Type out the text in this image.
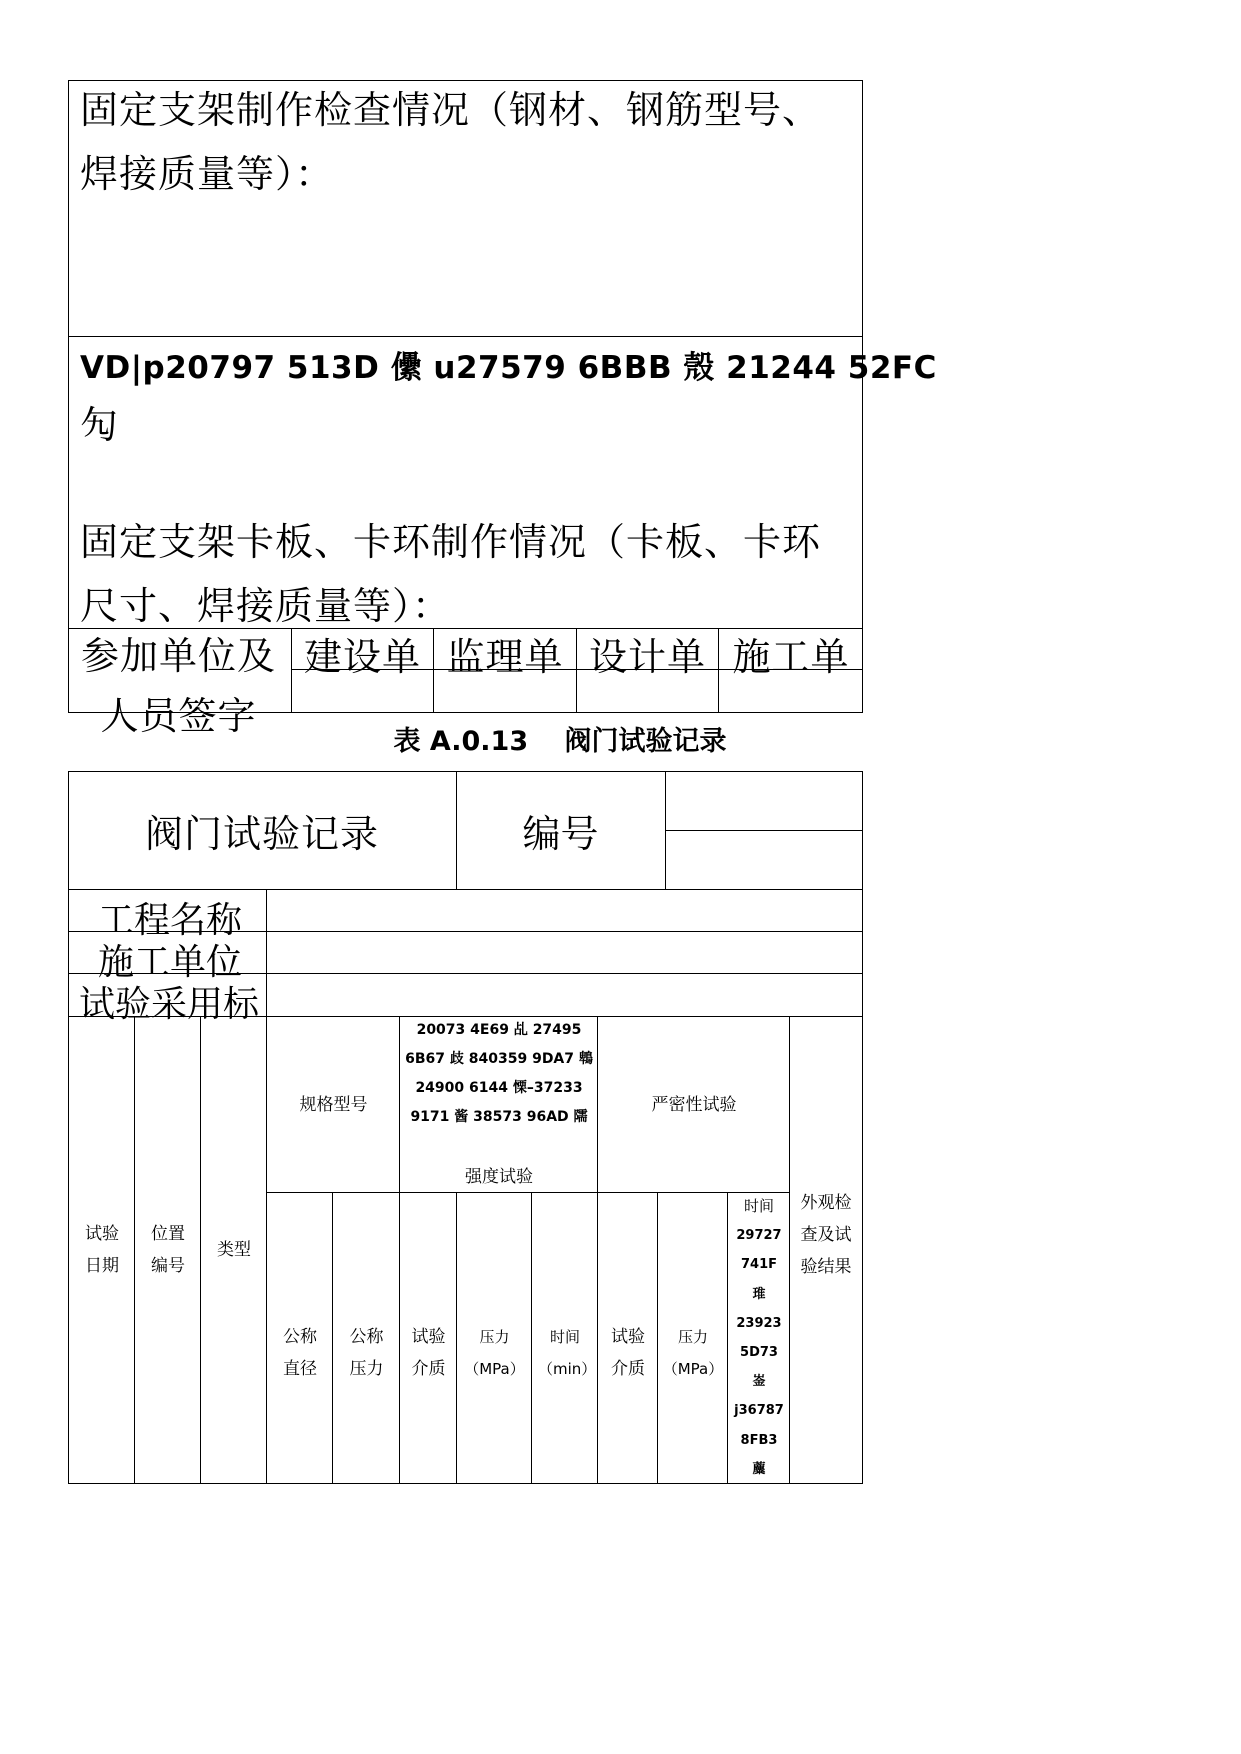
固定支架制作检查情况（钢材、钢筋型号、焊接质量等）：
VD|p20797 513D 儽 u27579 6BBB 殼 21244 52FC
勼
固定支架卡板、卡环制作情况（卡板、卡环尺寸、焊接质量等）：
参加单位及人员签字
建设单 监理单 设计单 施工单
表 A.0.13　 阀门试验记录
阀门试验记录	编号
工程名称
施工单位
试验采用标
试验日期
位置编号
类型
规格型号
20073 4E69 乩 27495
6B67 歧 840359 9DA7 鵯
24900 6144 慄–37233
9171 酱 38573 96AD 隭
强度试验
严密性试验
外观检查及试验结果
公称直径
公称压力
试验介质
压力（MPa）
时间（min）
试验介质
压力（MPa）
时间
29727
741F
琟
23923
5D73
崟
j36787
8FB3
蘪
